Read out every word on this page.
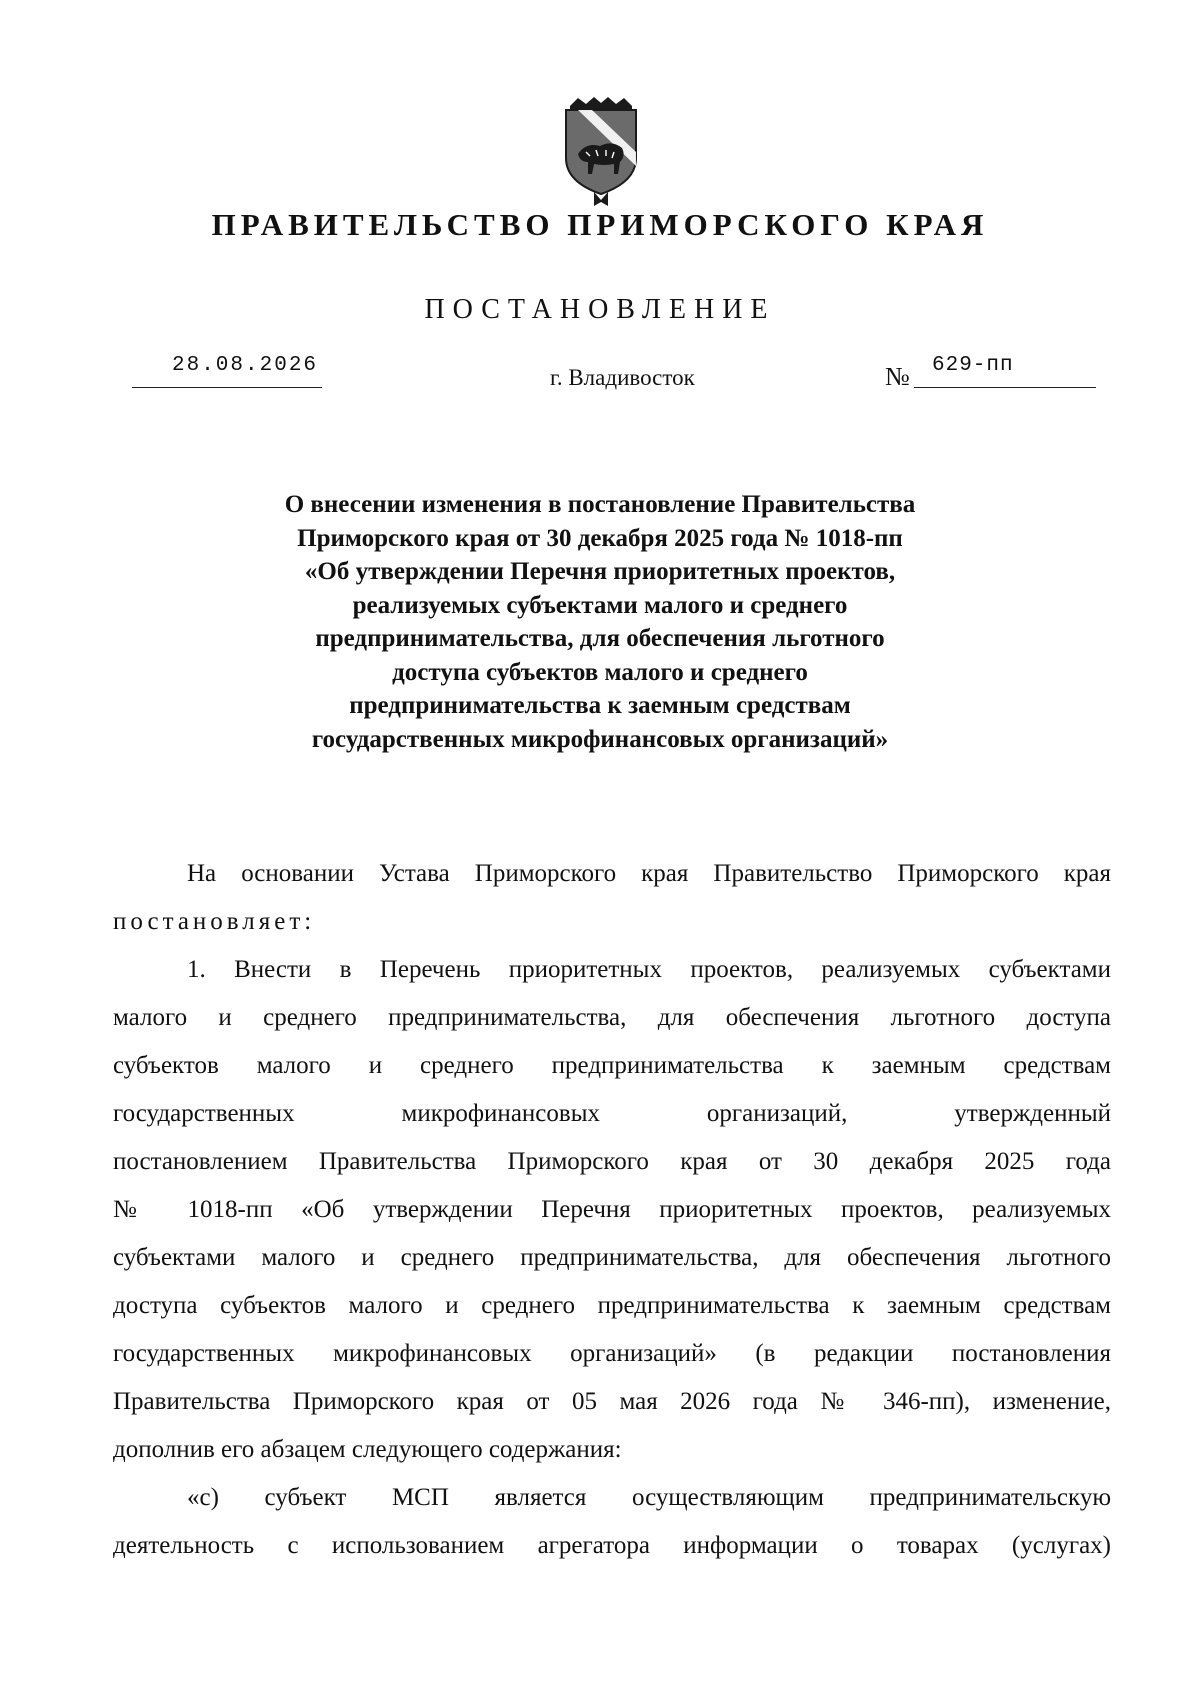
ПРАВИТЕЛЬСТВО ПРИМОРСКОГО КРАЯ
ПОСТАНОВЛЕНИЕ
28.08.2026	г. Владивосток	№ 629-пп
О внесении изменения в постановление Правительства
Приморского края от 30 декабря 2025 года № 1018-пп
«Об утверждении Перечня приоритетных проектов,
реализуемых субъектами малого и среднего
предпринимательства, для обеспечения льготного
доступа субъектов малого и среднего
предпринимательства к заемным средствам
государственных микрофинансовых организаций»
На основании Устава Приморского края Правительство Приморского края
постановляет:
1. Внести в Перечень приоритетных проектов, реализуемых субъектами
малого и среднего предпринимательства, для обеспечения льготного доступа
субъектов малого и среднего предпринимательства к заемным средствам
государственных микрофинансовых организаций, утвержденный
постановлением Правительства Приморского края от 30 декабря 2025 года
№ 1018-пп «Об утверждении Перечня приоритетных проектов, реализуемых
субъектами малого и среднего предпринимательства, для обеспечения льготного
доступа субъектов малого и среднего предпринимательства к заемным средствам
государственных микрофинансовых организаций» (в редакции постановления
Правительства Приморского края от 05 мая 2026 года № 346-пп), изменение,
дополнив его абзацем следующего содержания:
«с) субъект МСП является осуществляющим предпринимательскую
деятельность с использованием агрегатора информации о товарах (услугах)
